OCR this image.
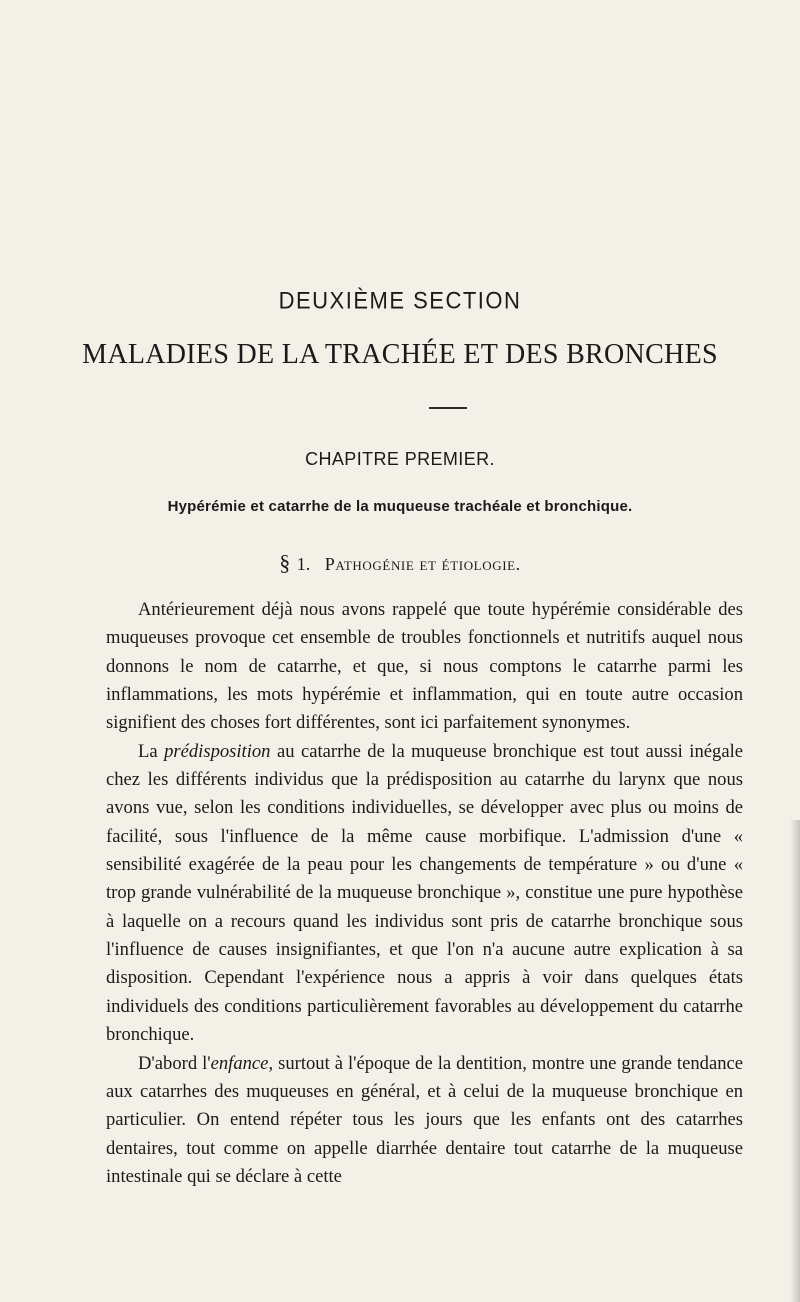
DEUXIÈME SECTION
MALADIES DE LA TRACHÉE ET DES BRONCHES
CHAPITRE PREMIER.
Hypérémie et catarrhe de la muqueuse trachéale et bronchique.
§ 1. Pathogénie et étiologie.

Antérieurement déjà nous avons rappelé que toute hypérémie considérable des muqueuses provoque cet ensemble de troubles fonctionnels et nutritifs auquel nous donnons le nom de catarrhe, et que, si nous comptons le catarrhe parmi les inflammations, les mots hypérémie et inflammation, qui en toute autre occasion signifient des choses fort différentes, sont ici parfaitement synonymes.

La prédisposition au catarrhe de la muqueuse bronchique est tout aussi inégale chez les différents individus que la prédisposition au catarrhe du larynx que nous avons vue, selon les conditions individuelles, se développer avec plus ou moins de facilité, sous l'influence de la même cause morbifique. L'admission d'une « sensibilité exagérée de la peau pour les changements de température » ou d'une « trop grande vulnérabilité de la muqueuse bronchique », constitue une pure hypothèse à laquelle on a recours quand les individus sont pris de catarrhe bronchique sous l'influence de causes insignifiantes, et que l'on n'a aucune autre explication à sa disposition. Cependant l'expérience nous a appris à voir dans quelques états individuels des conditions particulièrement favorables au développement du catarrhe bronchique.

D'abord l'enfance, surtout à l'époque de la dentition, montre une grande tendance aux catarrhes des muqueuses en général, et à celui de la muqueuse bronchique en particulier. On entend répéter tous les jours que les enfants ont des catarrhes dentaires, tout comme on appelle diarrhée dentaire tout catarrhe de la muqueuse intestinale qui se déclare à cette
